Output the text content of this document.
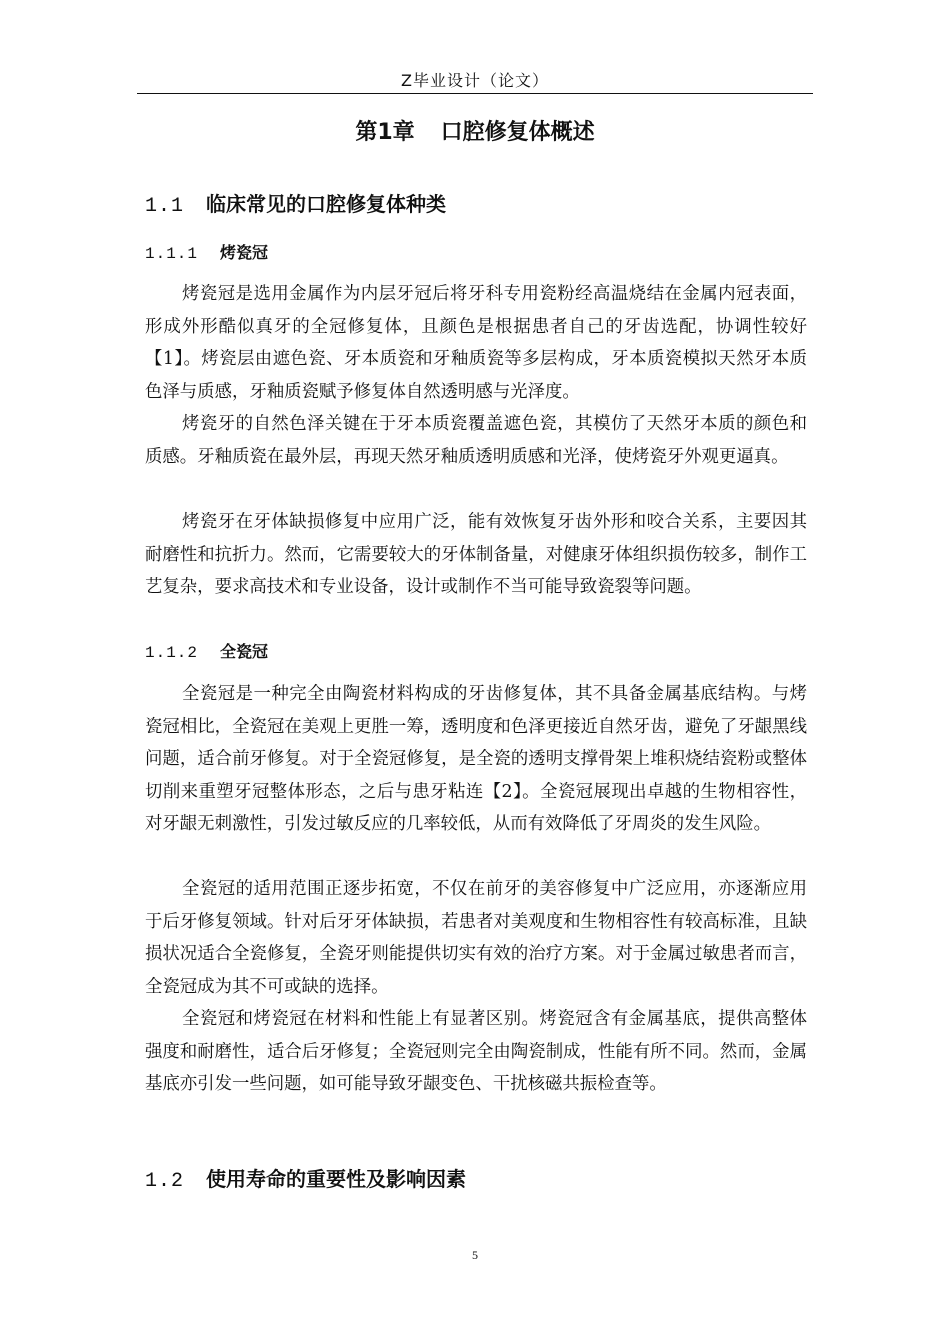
Z毕业设计（论文）
第1章 口腔修复体概述
1.1 临床常见的口腔修复体种类
1.1.1 烤瓷冠

烤瓷冠是选用金属作为内层牙冠后将牙科专用瓷粉经高温烧结在金属内冠表面，形成外形酷似真牙的全冠修复体，且颜色是根据患者自己的牙齿选配，协调性较好【1】。烤瓷层由遮色瓷、牙本质瓷和牙釉质瓷等多层构成，牙本质瓷模拟天然牙本质色泽与质感，牙釉质瓷赋予修复体自然透明感与光泽度。

烤瓷牙的自然色泽关键在于牙本质瓷覆盖遮色瓷，其模仿了天然牙本质的颜色和质感。牙釉质瓷在最外层，再现天然牙釉质透明质感和光泽，使烤瓷牙外观更逼真。

烤瓷牙在牙体缺损修复中应用广泛，能有效恢复牙齿外形和咬合关系，主要因其耐磨性和抗折力。然而，它需要较大的牙体制备量，对健康牙体组织损伤较多，制作工艺复杂，要求高技术和专业设备，设计或制作不当可能导致瓷裂等问题。

1.1.2 全瓷冠

全瓷冠是一种完全由陶瓷材料构成的牙齿修复体，其不具备金属基底结构。与烤瓷冠相比，全瓷冠在美观上更胜一筹，透明度和色泽更接近自然牙齿，避免了牙龈黑线问题，适合前牙修复。对于全瓷冠修复，是全瓷的透明支撑骨架上堆积烧结瓷粉或整体切削来重塑牙冠整体形态，之后与患牙粘连【2】。全瓷冠展现出卓越的生物相容性，对牙龈无刺激性，引发过敏反应的几率较低，从而有效降低了牙周炎的发生风险。

全瓷冠的适用范围正逐步拓宽，不仅在前牙的美容修复中广泛应用，亦逐渐应用于后牙修复领域。针对后牙牙体缺损，若患者对美观度和生物相容性有较高标准，且缺损状况适合全瓷修复，全瓷牙则能提供切实有效的治疗方案。对于金属过敏患者而言，全瓷冠成为其不可或缺的选择。

全瓷冠和烤瓷冠在材料和性能上有显著区别。烤瓷冠含有金属基底，提供高整体强度和耐磨性，适合后牙修复；全瓷冠则完全由陶瓷制成，性能有所不同。然而，金属基底亦引发一些问题，如可能导致牙龈变色、干扰核磁共振检查等。

1.2 使用寿命的重要性及影响因素
5
